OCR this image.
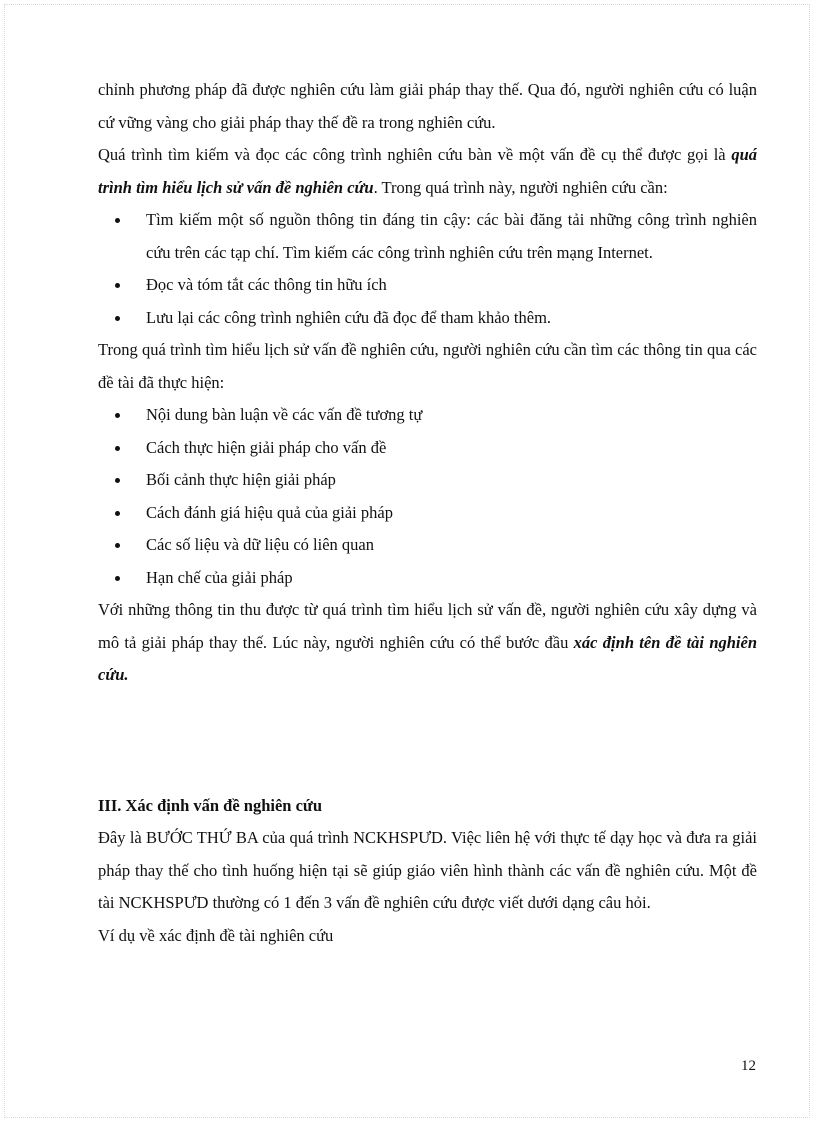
chỉnh phương pháp đã được nghiên cứu làm giải pháp thay thế. Qua đó, người nghiên cứu có luận cứ vững vàng cho giải pháp thay thế đề ra trong nghiên cứu.

Quá trình tìm kiếm và đọc các công trình nghiên cứu bàn về một vấn đề cụ thể được gọi là quá trình tìm hiểu lịch sử vấn đề nghiên cứu. Trong quá trình này, người nghiên cứu cần:

Tìm kiếm một số nguồn thông tin đáng tin cậy: các bài đăng tải những công trình nghiên cứu trên các tạp chí. Tìm kiếm các công trình nghiên cứu trên mạng Internet.
Đọc và tóm tắt các thông tin hữu ích
Lưu lại các công trình nghiên cứu đã đọc để tham khảo thêm.

Trong quá trình tìm hiểu lịch sử vấn đề nghiên cứu, người nghiên cứu cần tìm các thông tin qua các đề tài đã thực hiện:

Nội dung bàn luận về các vấn đề tương tự
Cách thực hiện giải pháp cho vấn đề
Bối cảnh thực hiện giải pháp
Cách đánh giá hiệu quả của giải pháp
Các số liệu và dữ liệu có liên quan
Hạn chế của giải pháp

Với những thông tin thu được từ quá trình tìm hiểu lịch sử vấn đề, người nghiên cứu xây dựng và mô tả giải pháp thay thế. Lúc này, người nghiên cứu có thể bước đầu xác định tên đề tài nghiên cứu.

III. Xác định vấn đề nghiên cứu

Đây là BƯỚC THỨ BA của quá trình NCKHSPƯD. Việc liên hệ với thực tế dạy học và đưa ra giải pháp thay thế cho tình huống hiện tại sẽ giúp giáo viên hình thành các vấn đề nghiên cứu. Một đề tài NCKHSPƯD thường có 1 đến 3 vấn đề nghiên cứu được viết dưới dạng câu hỏi.

Ví dụ về xác định đề tài nghiên cứu

12
